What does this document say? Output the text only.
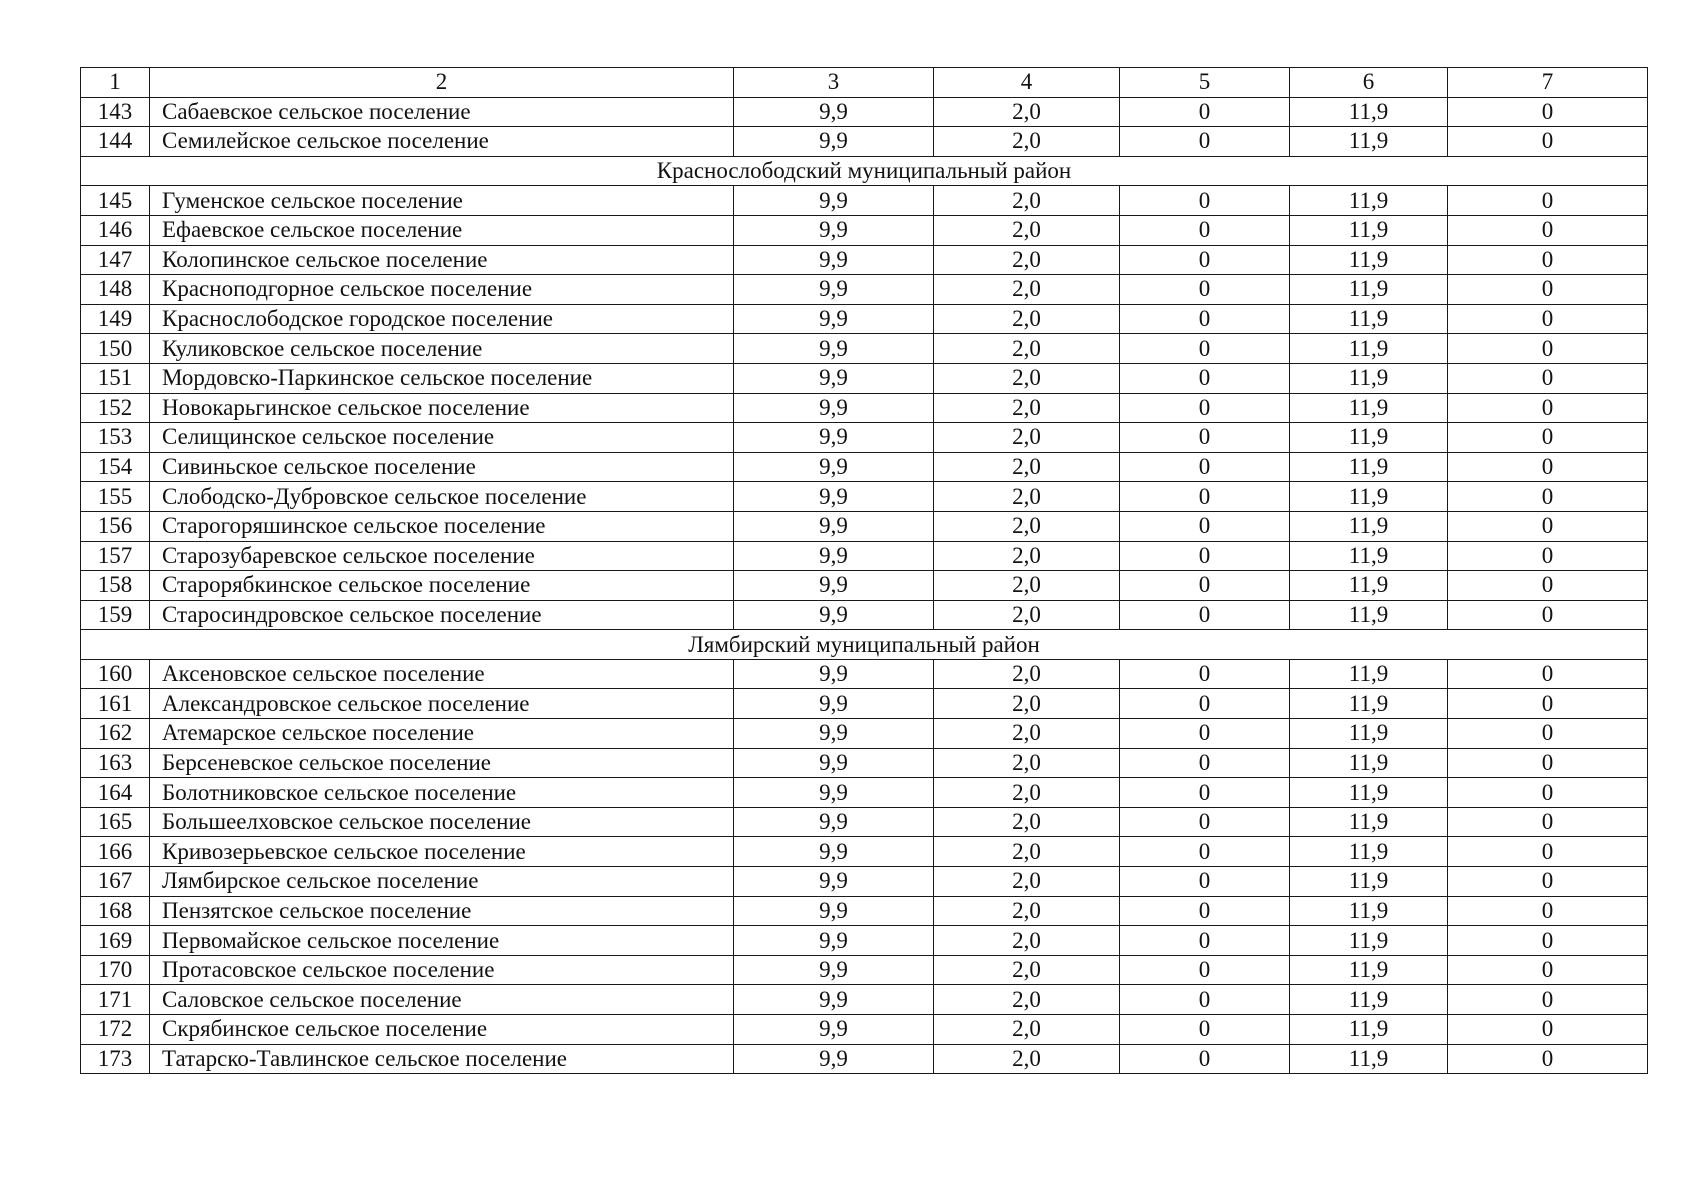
1	2	3	4	5	6	7
143	Сабаевское сельское поселение	9,9	2,0	0	11,9	0
144	Семилейское сельское поселение	9,9	2,0	0	11,9	0
Краснослободский муниципальный район						
145	Гуменское сельское поселение	9,9	2,0	0	11,9	0
146	Ефаевское сельское поселение	9,9	2,0	0	11,9	0
147	Колопинское сельское поселение	9,9	2,0	0	11,9	0
148	Краснoподгорное сельское поселение	9,9	2,0	0	11,9	0
149	Краснослободское городское поселение	9,9	2,0	0	11,9	0
150	Куликовское сельское поселение	9,9	2,0	0	11,9	0
151	Мордовско-Паркинское сельское поселение	9,9	2,0	0	11,9	0
152	Новокарьгинское сельское поселение	9,9	2,0	0	11,9	0
153	Селищинское сельское поселение	9,9	2,0	0	11,9	0
154	Сивиньское сельское поселение	9,9	2,0	0	11,9	0
155	Слободско-Дубровское сельское поселение	9,9	2,0	0	11,9	0
156	Старогоряшинское сельское поселение	9,9	2,0	0	11,9	0
157	Старозубаревское сельское поселение	9,9	2,0	0	11,9	0
158	Старорябкинское сельское поселение	9,9	2,0	0	11,9	0
159	Старосиндровское сельское поселение	9,9	2,0	0	11,9	0
Лямбирский муниципальный район						
160	Аксеновское сельское поселение	9,9	2,0	0	11,9	0
161	Александровское сельское поселение	9,9	2,0	0	11,9	0
162	Атемарское сельское поселение	9,9	2,0	0	11,9	0
163	Берсеневское сельское поселение	9,9	2,0	0	11,9	0
164	Болотниковское сельское поселение	9,9	2,0	0	11,9	0
165	Большеелховское сельское поселение	9,9	2,0	0	11,9	0
166	Кривозерьевское сельское поселение	9,9	2,0	0	11,9	0
167	Лямбирское сельское поселение	9,9	2,0	0	11,9	0
168	Пензятское сельское поселение	9,9	2,0	0	11,9	0
169	Первомайское сельское поселение	9,9	2,0	0	11,9	0
170	Протасовское сельское поселение	9,9	2,0	0	11,9	0
171	Саловское сельское поселение	9,9	2,0	0	11,9	0
172	Скрябинское сельское поселение	9,9	2,0	0	11,9	0
173	Татарско-Тавлинское сельское поселение	9,9	2,0	0	11,9	0
